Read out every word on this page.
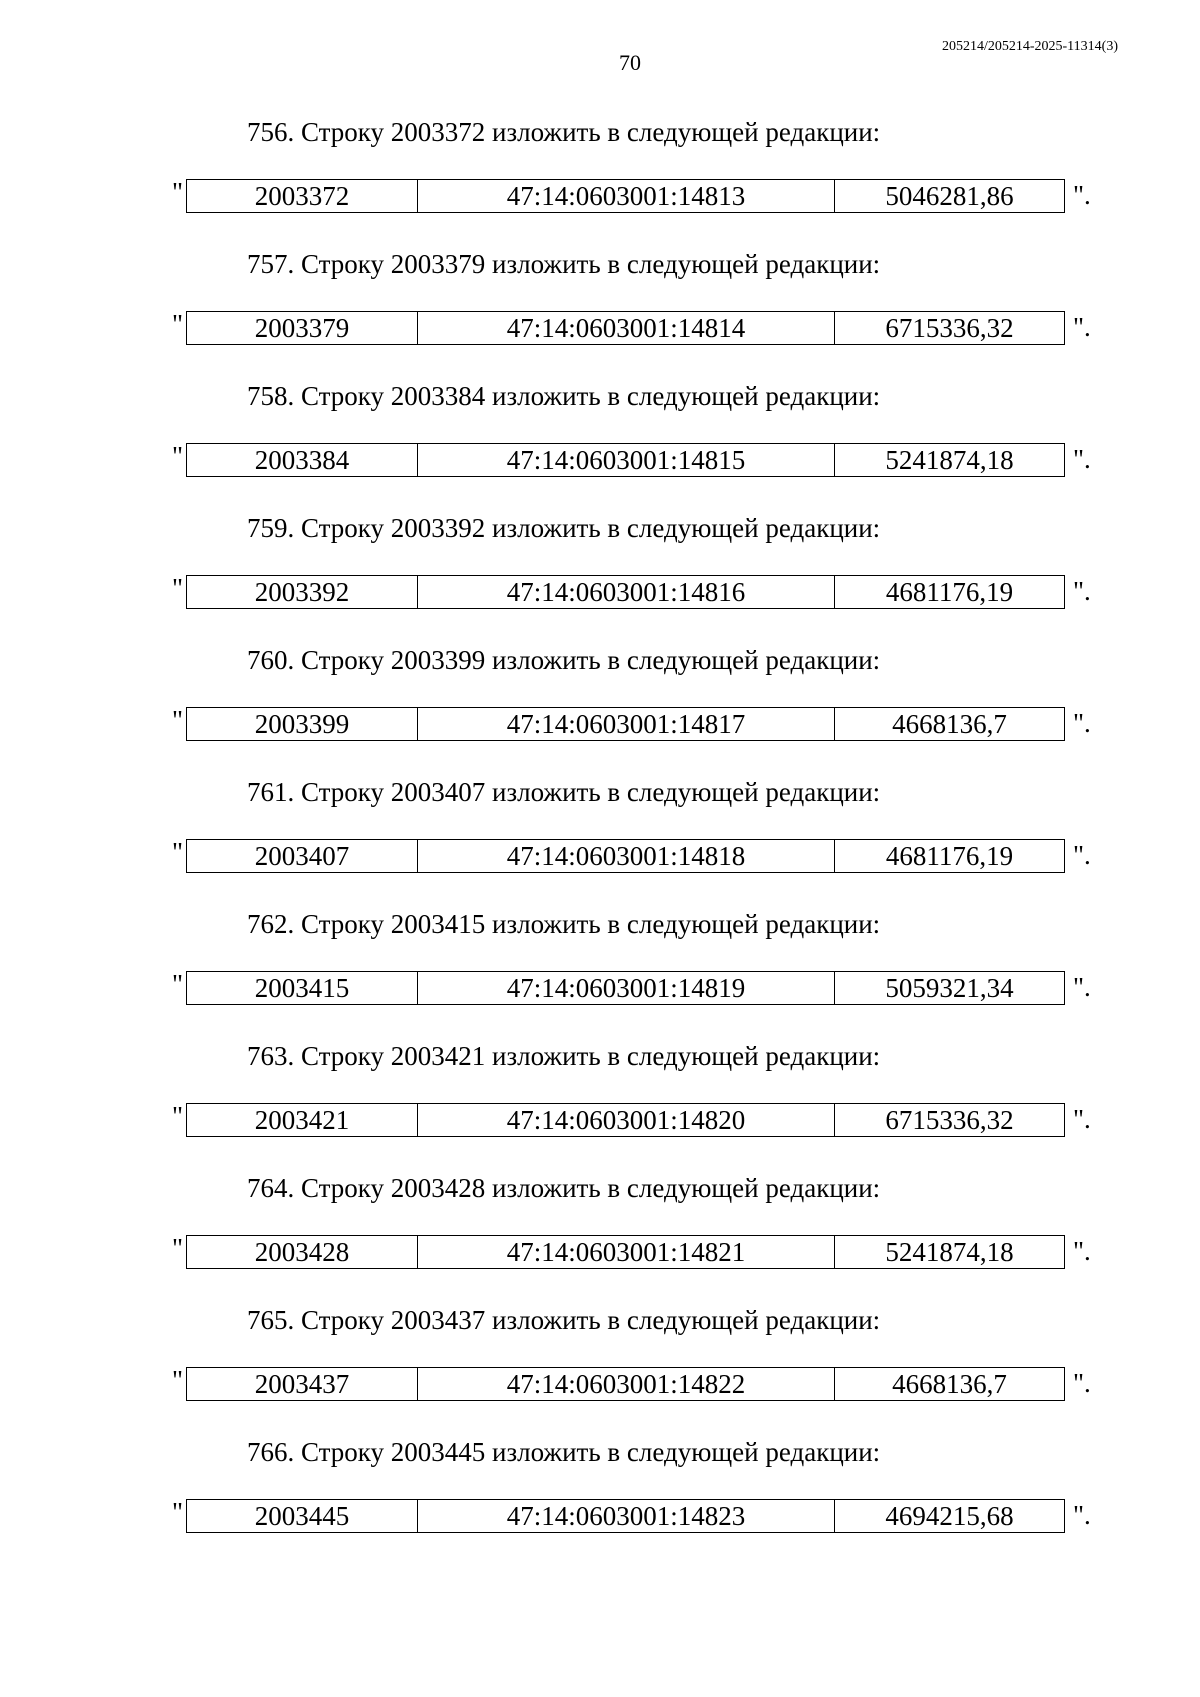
70
205214/205214-2025-11314(3)
756. Строку 2003372 изложить в следующей редакции:
"	2003372	47:14:0603001:14813	5046281,86 ".
757. Строку 2003379 изложить в следующей редакции:
"	2003379	47:14:0603001:14814	6715336,32 ".
758. Строку 2003384 изложить в следующей редакции:
"	2003384	47:14:0603001:14815	5241874,18 ".
759. Строку 2003392 изложить в следующей редакции:
"	2003392	47:14:0603001:14816	4681176,19 ".
760. Строку 2003399 изложить в следующей редакции:
"	2003399	47:14:0603001:14817	4668136,7 ".
761. Строку 2003407 изложить в следующей редакции:
"	2003407	47:14:0603001:14818	4681176,19 ".
762. Строку 2003415 изложить в следующей редакции:
"	2003415	47:14:0603001:14819	5059321,34 ".
763. Строку 2003421 изложить в следующей редакции:
"	2003421	47:14:0603001:14820	6715336,32 ".
764. Строку 2003428 изложить в следующей редакции:
"	2003428	47:14:0603001:14821	5241874,18 ".
765. Строку 2003437 изложить в следующей редакции:
"	2003437	47:14:0603001:14822	4668136,7 ".
766. Строку 2003445 изложить в следующей редакции:
"	2003445	47:14:0603001:14823	4694215,68 ".
